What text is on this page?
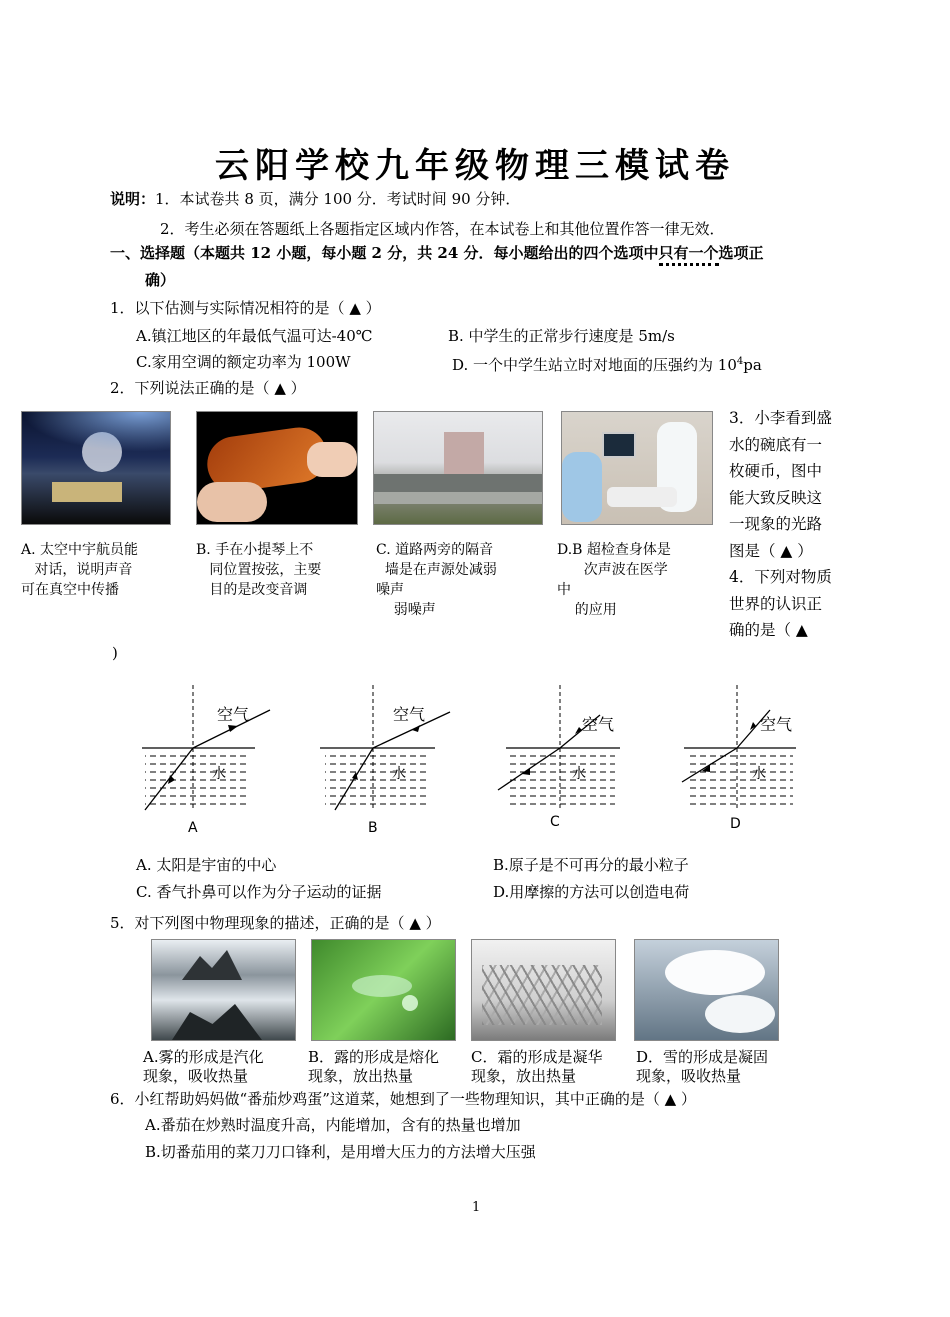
云阳学校九年级物理三模试卷
说明：1．本试卷共 8 页，满分 100 分．考试时间 90 分钟．
2．考生必须在答题纸上各题指定区域内作答，在本试卷上和其他位置作答一律无效．
一、选择题（本题共 12 小题，每小题 2 分，共 24 分．每小题给出的四个选项中只有一个选项正
确）
1．以下估测与实际情况相符的是（ ▲ ）
A.镇江地区的年最低气温可达-40℃	B. 中学生的正常步行速度是 5m/s
C.家用空调的额定功率为 100W	D. 一个中学生站立时对地面的压强约为 $10^4pa$
2．下列说法正确的是（ ▲ ）
A. 太空中宇航员能
对话，说明声音
可在真空中传播
B. 手在小提琴上不
同位置按弦，主要
目的是改变音调
C. 道路两旁的隔音
墙是在声源处减弱
噪声
弱噪声
D.B 超检查身体是
次声波在医学
中
的应用
3．小李看到盛
水的碗底有一
枚硬币，图中
能大致反映这
一现象的光路
图是（ ▲ ）
4．下列对物质
世界的认识正
确的是（ ▲
)
空气
水
A
空气
水
B
空气
水
C
空气
水
D
A. 太阳是宇宙的中心	B.原子是不可再分的最小粒子
C. 香气扑鼻可以作为分子运动的证据	D.用摩擦的方法可以创造电荷
5．对下列图中物理现象的描述，正确的是（ ▲ ）
A.雾的形成是汽化
现象，吸收热量
B．露的形成是熔化
现象，放出热量
C．霜的形成是凝华
现象，放出热量
D．雪的形成是凝固
现象，吸收热量
6．小红帮助妈妈做“番茄炒鸡蛋”这道菜，她想到了一些物理知识，其中正确的是（ ▲ ）
A.番茄在炒熟时温度升高，内能增加，含有的热量也增加
B.切番茄用的菜刀刀口锋利，是用增大压力的方法增大压强
1
